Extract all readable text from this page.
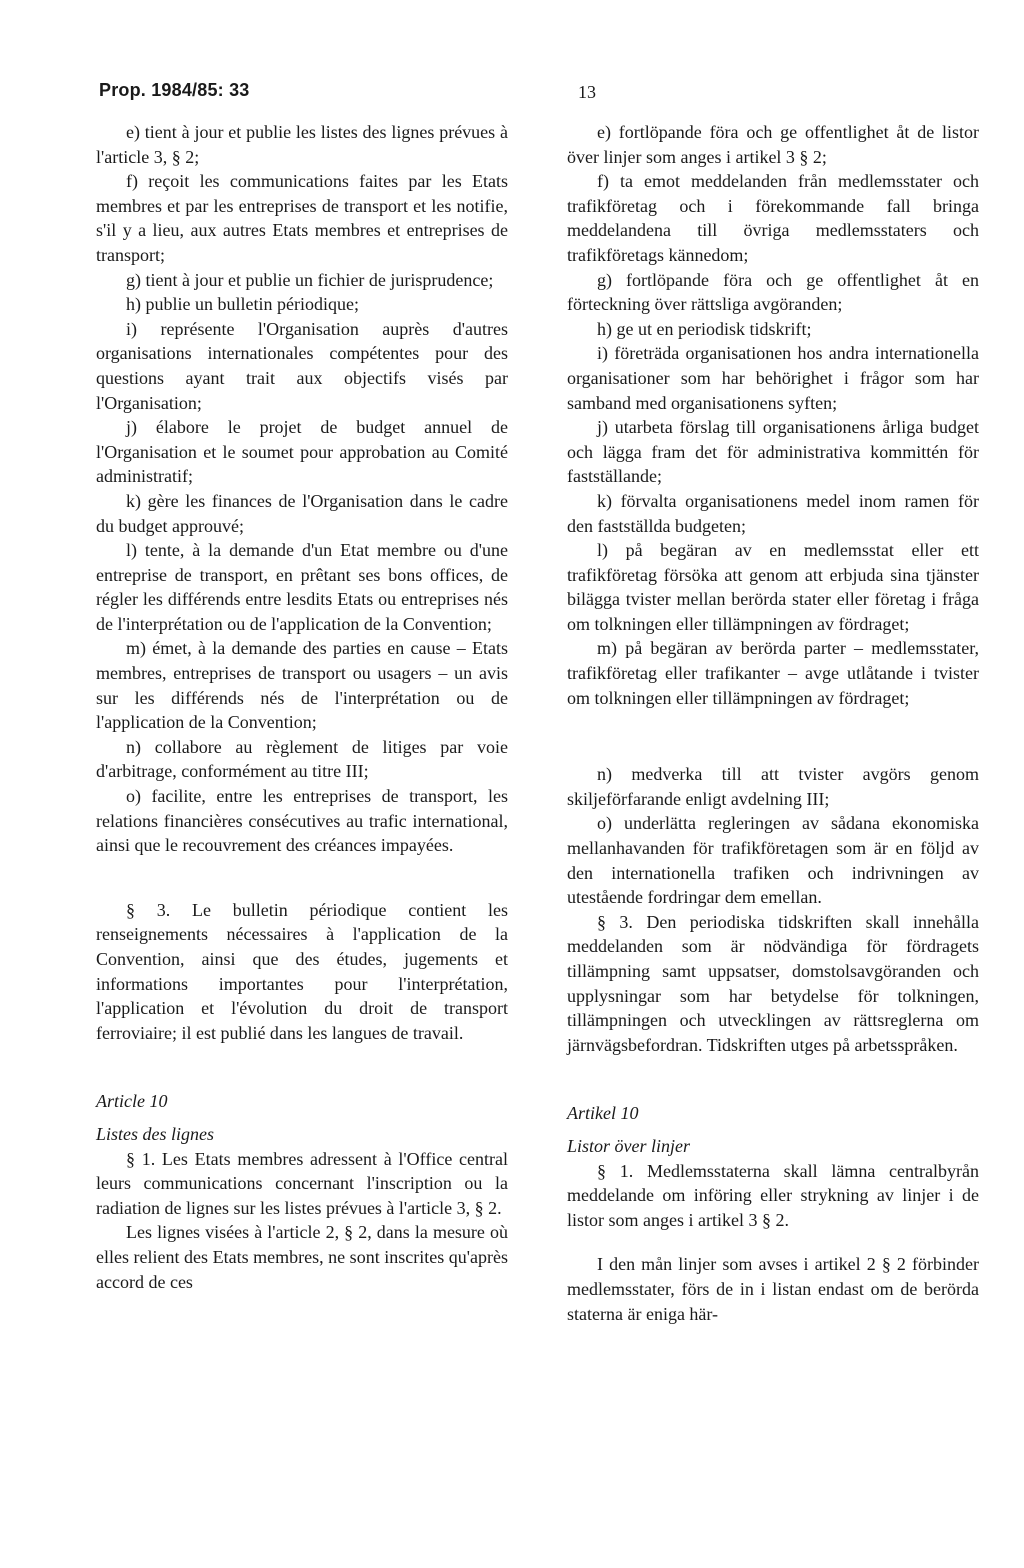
Prop. 1984/85: 33	13

e) tient à jour et publie les listes des lignes prévues à l'article 3, § 2;

f) reçoit les communications faites par les Etats membres et par les entreprises de transport et les notifie, s'il y a lieu, aux autres Etats membres et entreprises de transport;

g) tient à jour et publie un fichier de jurisprudence;

h) publie un bulletin périodique;

i) représente l'Organisation auprès d'autres organisations internationales compétentes pour des questions ayant trait aux objectifs visés par l'Organisation;

j) élabore le projet de budget annuel de l'Organisation et le soumet pour approbation au Comité administratif;

k) gère les finances de l'Organisation dans le cadre du budget approuvé;

l) tente, à la demande d'un Etat membre ou d'une entreprise de transport, en prêtant ses bons offices, de régler les différends entre lesdits Etats ou entreprises nés de l'interprétation ou de l'application de la Convention;

m) émet, à la demande des parties en cause – Etats membres, entreprises de transport ou usagers – un avis sur les différends nés de l'interprétation ou de l'application de la Convention;

n) collabore au règlement de litiges par voie d'arbitrage, conformément au titre III;

o) facilite, entre les entreprises de transport, les relations financières consécutives au trafic international, ainsi que le recouvrement des créances impayées.

§ 3. Le bulletin périodique contient les renseignements nécessaires à l'application de la Convention, ainsi que des études, jugements et informations importantes pour l'interprétation, l'application et l'évolution du droit de transport ferroviaire; il est publié dans les langues de travail.

Article 10

Listes des lignes

§ 1. Les Etats membres adressent à l'Office central leurs communications concernant l'inscription ou la radiation de lignes sur les listes prévues à l'article 3, § 2.

Les lignes visées à l'article 2, § 2, dans la mesure où elles relient des Etats membres, ne sont inscrites qu'après accord de ces

e) fortlöpande föra och ge offentlighet åt de listor över linjer som anges i artikel 3 § 2;

f) ta emot meddelanden från medlemsstater och trafikföretag och i förekommande fall bringa meddelandena till övriga medlemsstaters och trafikföretags kännedom;

g) fortlöpande föra och ge offentlighet åt en förteckning över rättsliga avgöranden;

h) ge ut en periodisk tidskrift;

i) företräda organisationen hos andra internationella organisationer som har behörighet i frågor som har samband med organisationens syften;

j) utarbeta förslag till organisationens årliga budget och lägga fram det för administrativa kommittén för fastställande;

k) förvalta organisationens medel inom ramen för den fastställda budgeten;

l) på begäran av en medlemsstat eller ett trafikföretag försöka att genom att erbjuda sina tjänster bilägga tvister mellan berörda stater eller företag i fråga om tolkningen eller tillämpningen av fördraget;

m) på begäran av berörda parter – medlemsstater, trafikföretag eller trafikanter – avge utlåtande i tvister om tolkningen eller tillämpningen av fördraget;

n) medverka till att tvister avgörs genom skiljeförfarande enligt avdelning III;

o) underlätta regleringen av sådana ekonomiska mellanhavanden för trafikföretagen som är en följd av den internationella trafiken och indrivningen av utestående fordringar dem emellan.

§ 3. Den periodiska tidskriften skall innehålla meddelanden som är nödvändiga för fördragets tillämpning samt uppsatser, domstolsavgöranden och upplysningar som har betydelse för tolkningen, tillämpningen och utvecklingen av rättsreglerna om järnvägsbefordran. Tidskriften utges på arbetsspråken.

Artikel 10

Listor över linjer

§ 1. Medlemsstaterna skall lämna centralbyrån meddelande om införing eller strykning av linjer i de listor som anges i artikel 3 § 2.

I den mån linjer som avses i artikel 2 § 2 förbinder medlemsstater, förs de in i listan endast om de berörda staterna är eniga här-
